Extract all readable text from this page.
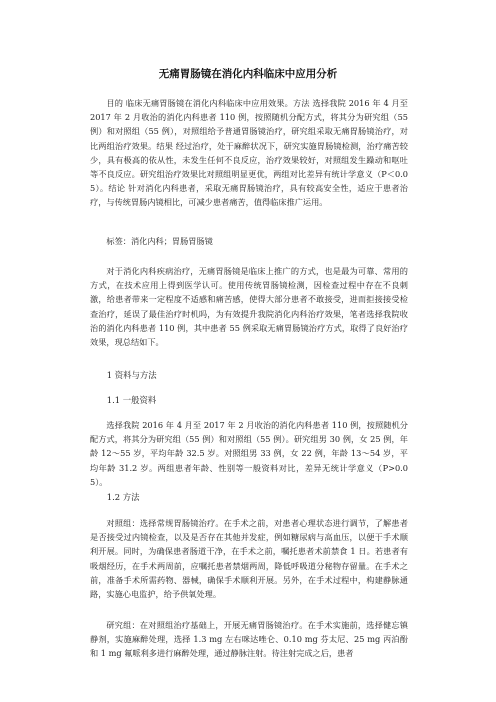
无痛胃肠镜在消化内科临床中应用分析

目的 临床无痛胃肠镜在消化内科临床中应用效果。方法 选择我院 2016 年 4 月至 2017 年 2 月收治的消化内科患者 110 例，按照随机分配方式，将其分为研究组（55 例）和对照组（55 例），对照组给予普通胃肠镜治疗，研究组采取无痛胃肠镜治疗，对比两组治疗效果。结果 经过治疗，处于麻醉状况下，研究实施胃肠镜检测，治疗痛苦较少，具有极高的依从性，未发生任何不良反应，治疗效果较好，对照组发生躁动和呕吐等不良反应。研究组治疗效果比对照组明显更优，两组对比差异有统计学意义（P＜0.05）。结论 针对消化内科患者，采取无痛胃肠镜治疗，具有较高安全性，适应于患者治疗，与传统胃肠内镜相比，可减少患者痛苦，值得临床推广运用。

标签：消化内科；胃肠胃肠镜

对于消化内科疾病治疗，无痛胃肠镜是临床上推广的方式，也是最为可靠、常用的方式，在技术应用上得到医学认可。使用传统胃肠镜检测，因检查过程中存在不良刺激，给患者带来一定程度不适感和痛苦感，使得大部分患者不敢接受，进而拒接接受检查治疗，延误了最佳治疗时机吗，为有效提升我院消化内科治疗效果，笔者选择我院收治的消化内科患者 110 例，其中患者 55 例采取无痛胃肠镜治疗方式，取得了良好治疗效果，现总结如下。

1 资料与方法

1.1 一般资料

选择我院 2016 年 4 月至 2017 年 2 月收治的消化内科患者 110 例，按照随机分配方式，将其分为研究组（55 例）和对照组（55 例）。研究组男 30 例，女 25 例，年龄 12～55 岁，平均年龄 32.5 岁。对照组男 33 例，女 22 例，年龄 13～54 岁，平均年龄 31.2 岁。两组患者年龄、性别等一般资料对比，差异无统计学意义（P>0.05）。

1.2 方法

对照组：选择常规胃肠镜治疗。在手术之前，对患者心理状态进行调节，了解患者是否接受过内镜检查，以及是否存在其他并发症，例如糖尿病与高血压，以便于手术顺利开展。同时，为确保患者肠道干净，在手术之前，嘱托患者术前禁食 1 日。若患者有吸烟经历，在手术两周前，应嘱托患者禁烟两周，降低呼吸道分秘物存留量。在手术之前，准备手术所需药物、器械，确保手术顺利开展。另外，在手术过程中，构建静脉通路，实施心电监护，给予供氧处理。

研究组：在对照组治疗基础上，开展无痛胃肠镜治疗。在手术实施前，选择健忘镇静剂，实施麻醉处理，选择 1.3 mg 左右咪达唑仑、0.10 mg 芬太尼、25 mg 丙泊酚和 1 mg 氟哌利多进行麻醉处理，通过静脉注射。待注射完成之后，患者
